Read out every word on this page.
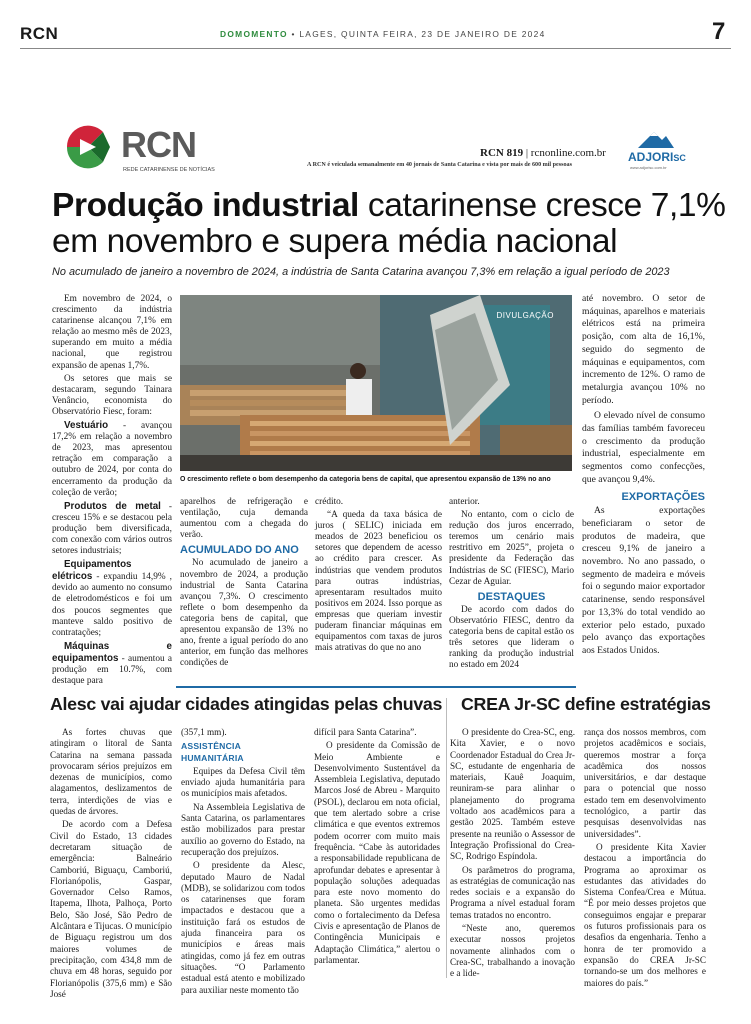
RCN	DOMOMENTO • LAGES, QUINTA FEIRA, 23 DE JANEIRO DE 2024	7
RCN
REDE CATARINENSE DE NOTÍCIAS
RCN 819 | rcnonline.com.br
A RCN é veiculada semanalmente em 40 jornais de Santa Catarina e vista por mais de 600 mil pessoas
ADJORISC
www.adjorisc.com.br
Produção industrial catarinense cresce 7,1%
em novembro e supera média nacional
No acumulado de janeiro a novembro de 2024, a indústria de Santa Catarina avançou 7,3% em relação a igual período de 2023
DIVULGAÇÃO
O crescimento reflete o bom desempenho da categoria bens de capital, que apresentou expansão de 13% no ano

Em novembro de 2024, o crescimento da indústria catarinense alcançou 7,1% em relação ao mesmo mês de 2023, superando em muito a média nacional, que registrou expansão de apenas 1,7%.

Os setores que mais se destacaram, segundo Tainara Venâncio, economista do Observatório Fiesc, foram:

Vestuário - avançou 17,2% em relação a novembro de 2023, mas apresentou retração em comparação a outubro de 2024, por conta do encerramento da produção da coleção de verão;

Produtos de metal - cresceu 15% e se destacou pela produção bem diversificada, com conexão com vários outros setores industriais;

Equipamentos elétricos - expandiu 14,9% , devido ao aumento no consumo de eletrodomésticos e foi um dos poucos segmentes que manteve saldo positivo de contratações;

Máquinas e equipamentos - aumentou a produção em 10.7%, com destaque para

aparelhos de refrigeração e ventilação, cuja demanda aumentou com a chegada do verão.

ACUMULADO DO ANO

No acumulado de janeiro a novembro de 2024, a produção industrial de Santa Catarina avançou 7,3%. O crescimento reflete o bom desempenho da categoria bens de capital, que apresentou expansão de 13% no ano, frente a igual período do ano anterior, em função das melhores condições de

crédito.

“A queda da taxa básica de juros ( SELIC) iniciada em meados de 2023 beneficiou os setores que dependem de acesso ao crédito para crescer. As indústrias que vendem produtos para outras indústrias, apresentaram resultados muito positivos em 2024. Isso porque as empresas que queriam investir puderam financiar máquinas em equipamentos com taxas de juros mais atrativas do que no ano

anterior.

No entanto, com o ciclo de redução dos juros encerrado, teremos um cenário mais restritivo em 2025”, projeta o presidente da Federação das Indústrias de SC (FIESC), Mario Cezar de Aguiar.

DESTAQUES

De acordo com dados do Observatório FIESC, dentro da categoria bens de capital estão os três setores que lideram o ranking da produção industrial no estado em 2024

até novembro. O setor de máquinas, aparelhos e materiais elétricos está na primeira posição, com alta de 16,1%, seguido do segmento de máquinas e equipamentos, com incremento de 12%. O ramo de metalurgia avançou 10% no período.

O elevado nível de consumo das famílias também favoreceu o crescimento da produção industrial, especialmente em segmentos como confecções, que avançou 9,4%.

EXPORTAÇÕES

As exportações beneficiaram o setor de produtos de madeira, que cresceu 9,1% de janeiro a novembro. No ano passado, o segmento de madeira e móveis foi o segundo maior exportador catarinense, sendo responsável por 13,3% do total vendido ao exterior pelo estado, puxado pelo avanço das exportações aos Estados Unidos.

Alesc vai ajudar cidades atingidas pelas chuvas

As fortes chuvas que atingiram o litoral de Santa Catarina na semana passada provocaram sérios prejuízos em dezenas de municípios, como alagamentos, deslizamentos de terra, interdições de vias e quedas de árvores.

De acordo com a Defesa Civil do Estado, 13 cidades decretaram situação de emergência: Balneário Camboriú, Biguaçu, Camboriú, Florianópolis, Gaspar, Governador Celso Ramos, Itapema, Ilhota, Palhoça, Porto Belo, São José, São Pedro de Alcântara e Tijucas. O município de Biguaçu registrou um dos maiores volumes de precipitação, com 434,8 mm de chuva em 48 horas, seguido por Florianópolis (375,6 mm) e São José

(357,1 mm).

ASSISTÊNCIA HUMANITÁRIA

Equipes da Defesa Civil têm enviado ajuda humanitária para os municípios mais afetados.

Na Assembleia Legislativa de Santa Catarina, os parlamentares estão mobilizados para prestar auxílio ao governo do Estado, na recuperação dos prejuízos.

O presidente da Alesc, deputado Mauro de Nadal (MDB), se solidarizou com todos os catarinenses que foram impactados e destacou que a instituição fará os estudos de ajuda financeira para os municípios e áreas mais atingidas, como já fez em outras situações. “O Parlamento estadual está atento e mobilizado para auxiliar neste momento tão

difícil para Santa Catarina”.

O presidente da Comissão de Meio Ambiente e Desenvolvimento Sustentável da Assembleia Legislativa, deputado Marcos José de Abreu - Marquito (PSOL), declarou em nota oficial, que tem alertado sobre a crise climática e que eventos extremos podem ocorrer com muito mais frequência. “Cabe às autoridades a responsabilidade republicana de aprofundar debates e apresentar à população soluções adequadas para este novo momento do planeta. São urgentes medidas como o fortalecimento da Defesa Civis e apresentação de Planos de Contingência Municipais e Adaptação Climática,” alertou o parlamentar.

CREA Jr-SC define estratégias

O presidente do Crea-SC, eng. Kita Xavier, e o novo Coordenador Estadual do Crea Jr-SC, estudante de engenharia de materiais, Kauê Joaquim, reuniram-se para alinhar o planejamento do programa voltado aos acadêmicos para a gestão 2025. Também esteve presente na reunião o Assessor de Integração Profissional do Crea-SC, Rodrigo Espíndola.

Os parâmetros do programa, as estratégias de comunicação nas redes sociais e a expansão do Programa a nível estadual foram temas tratados no encontro.

“Neste ano, queremos executar nossos projetos novamente alinhados com o Crea-SC, trabalhando a inovação e a lide-

rança dos nossos membros, com projetos acadêmicos e sociais, queremos mostrar a força acadêmica dos nossos universitários, e dar destaque para o potencial que nosso estado tem em desenvolvimento tecnológico, a partir das pesquisas desenvolvidas nas universidades”.

O presidente Kita Xavier destacou a importância do Programa ao aproximar os estudantes das atividades do Sistema Confea/Crea e Mútua. “É por meio desses projetos que conseguimos engajar e preparar os futuros profissionais para os desafios da engenharia. Tenho a honra de ter promovido a expansão do CREA Jr-SC tornando-se um dos melhores e maiores do país.”
